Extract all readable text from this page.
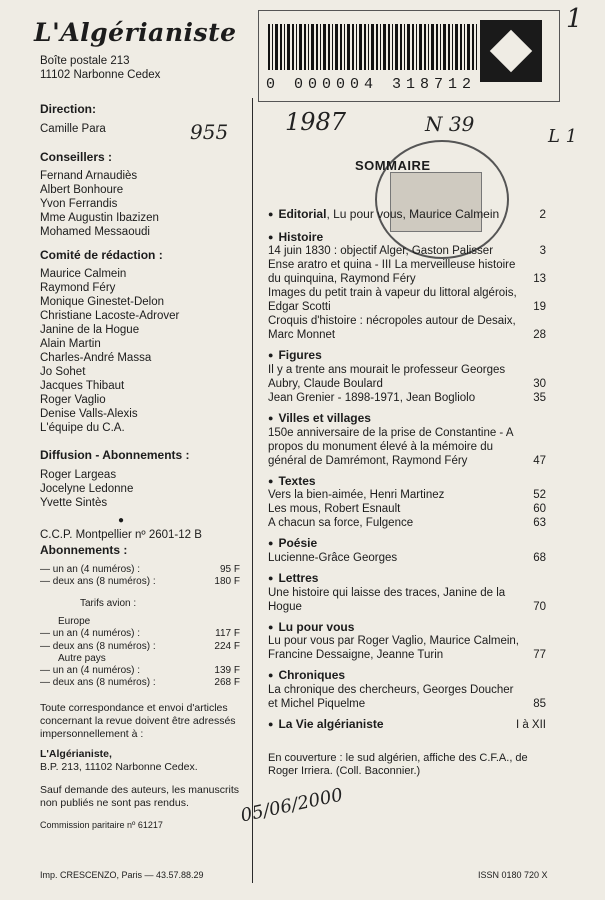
L'Algérianiste
Boîte postale 213
11102 Narbonne Cedex
0 000004 318712
955 1987	N 39
1
L 1
Direction:
Camille Para
Conseillers :
Fernand Arnaudiès
Albert Bonhoure
Yvon Ferrandis
Mme Augustin Ibazizen
Mohamed Messaoudi
Comité de rédaction :
Maurice Calmein
Raymond Féry
Monique Ginestet-Delon
Christiane Lacoste-Adrover
Janine de la Hogue
Alain Martin
Charles-André Massa
Jo Sohet
Jacques Thibaut
Roger Vaglio
Denise Valls-Alexis
L'équipe du C.A.
Diffusion - Abonnements :
Roger Largeas
Jocelyne Ledonne
Yvette Sintès
●
C.C.P. Montpellier nº 2601-12 B
Abonnements :
— un an (4 numéros) :	95 F
— deux ans (8 numéros) :	180 F
Tarifs avion :
Europe
— un an (4 numéros) :	117 F
— deux ans (8 numéros) :	224 F
Autre pays
— un an (4 numéros) :	139 F
— deux ans (8 numéros) :	268 F
Toute correspondance et envoi d'articles concernant la revue doivent être adressés impersonnellement à :
L'Algérianiste,
B.P. 213, 11102 Narbonne Cedex.
Sauf demande des auteurs, les manuscrits non publiés ne sont pas rendus.
Commission paritaire nº 61217
Imp. CRESCENZO, Paris — 43.57.88.29	ISSN 0180 720 X
SOMMAIRE
● Editorial, Lu pour vous, Maurice Calmein	2
● Histoire
14 juin 1830 : objectif Alger, Gaston Palisser	3
Ense aratro et quina - III La merveilleuse histoire du quinquina, Raymond Féry	13
Images du petit train à vapeur du littoral algérois, Edgar Scotti	19
Croquis d'histoire : nécropoles autour de Desaix, Marc Monnet	28
● Figures
Il y a trente ans mourait le professeur Georges Aubry, Claude Boulard	30
Jean Grenier - 1898-1971, Jean Bogliolo	35
● Villes et villages
150e anniversaire de la prise de Constantine - A propos du monument élevé à la mémoire du général de Damrémont, Raymond Féry	47
● Textes
Vers la bien-aimée, Henri Martinez	52
Les mous, Robert Esnault	60
A chacun sa force, Fulgence	63
● Poésie
Lucienne-Grâce Georges	68
● Lettres
Une histoire qui laisse des traces, Janine de la Hogue	70
● Lu pour vous
Lu pour vous par Roger Vaglio, Maurice Calmein, Francine Dessaigne, Jeanne Turin	77
● Chroniques
La chronique des chercheurs, Georges Doucher et Michel Piquelme	85
● La Vie algérianiste	I à XII
En couverture : le sud algérien, affiche des C.F.A., de Roger Irriera. (Coll. Baconnier.)
05/06/2000
